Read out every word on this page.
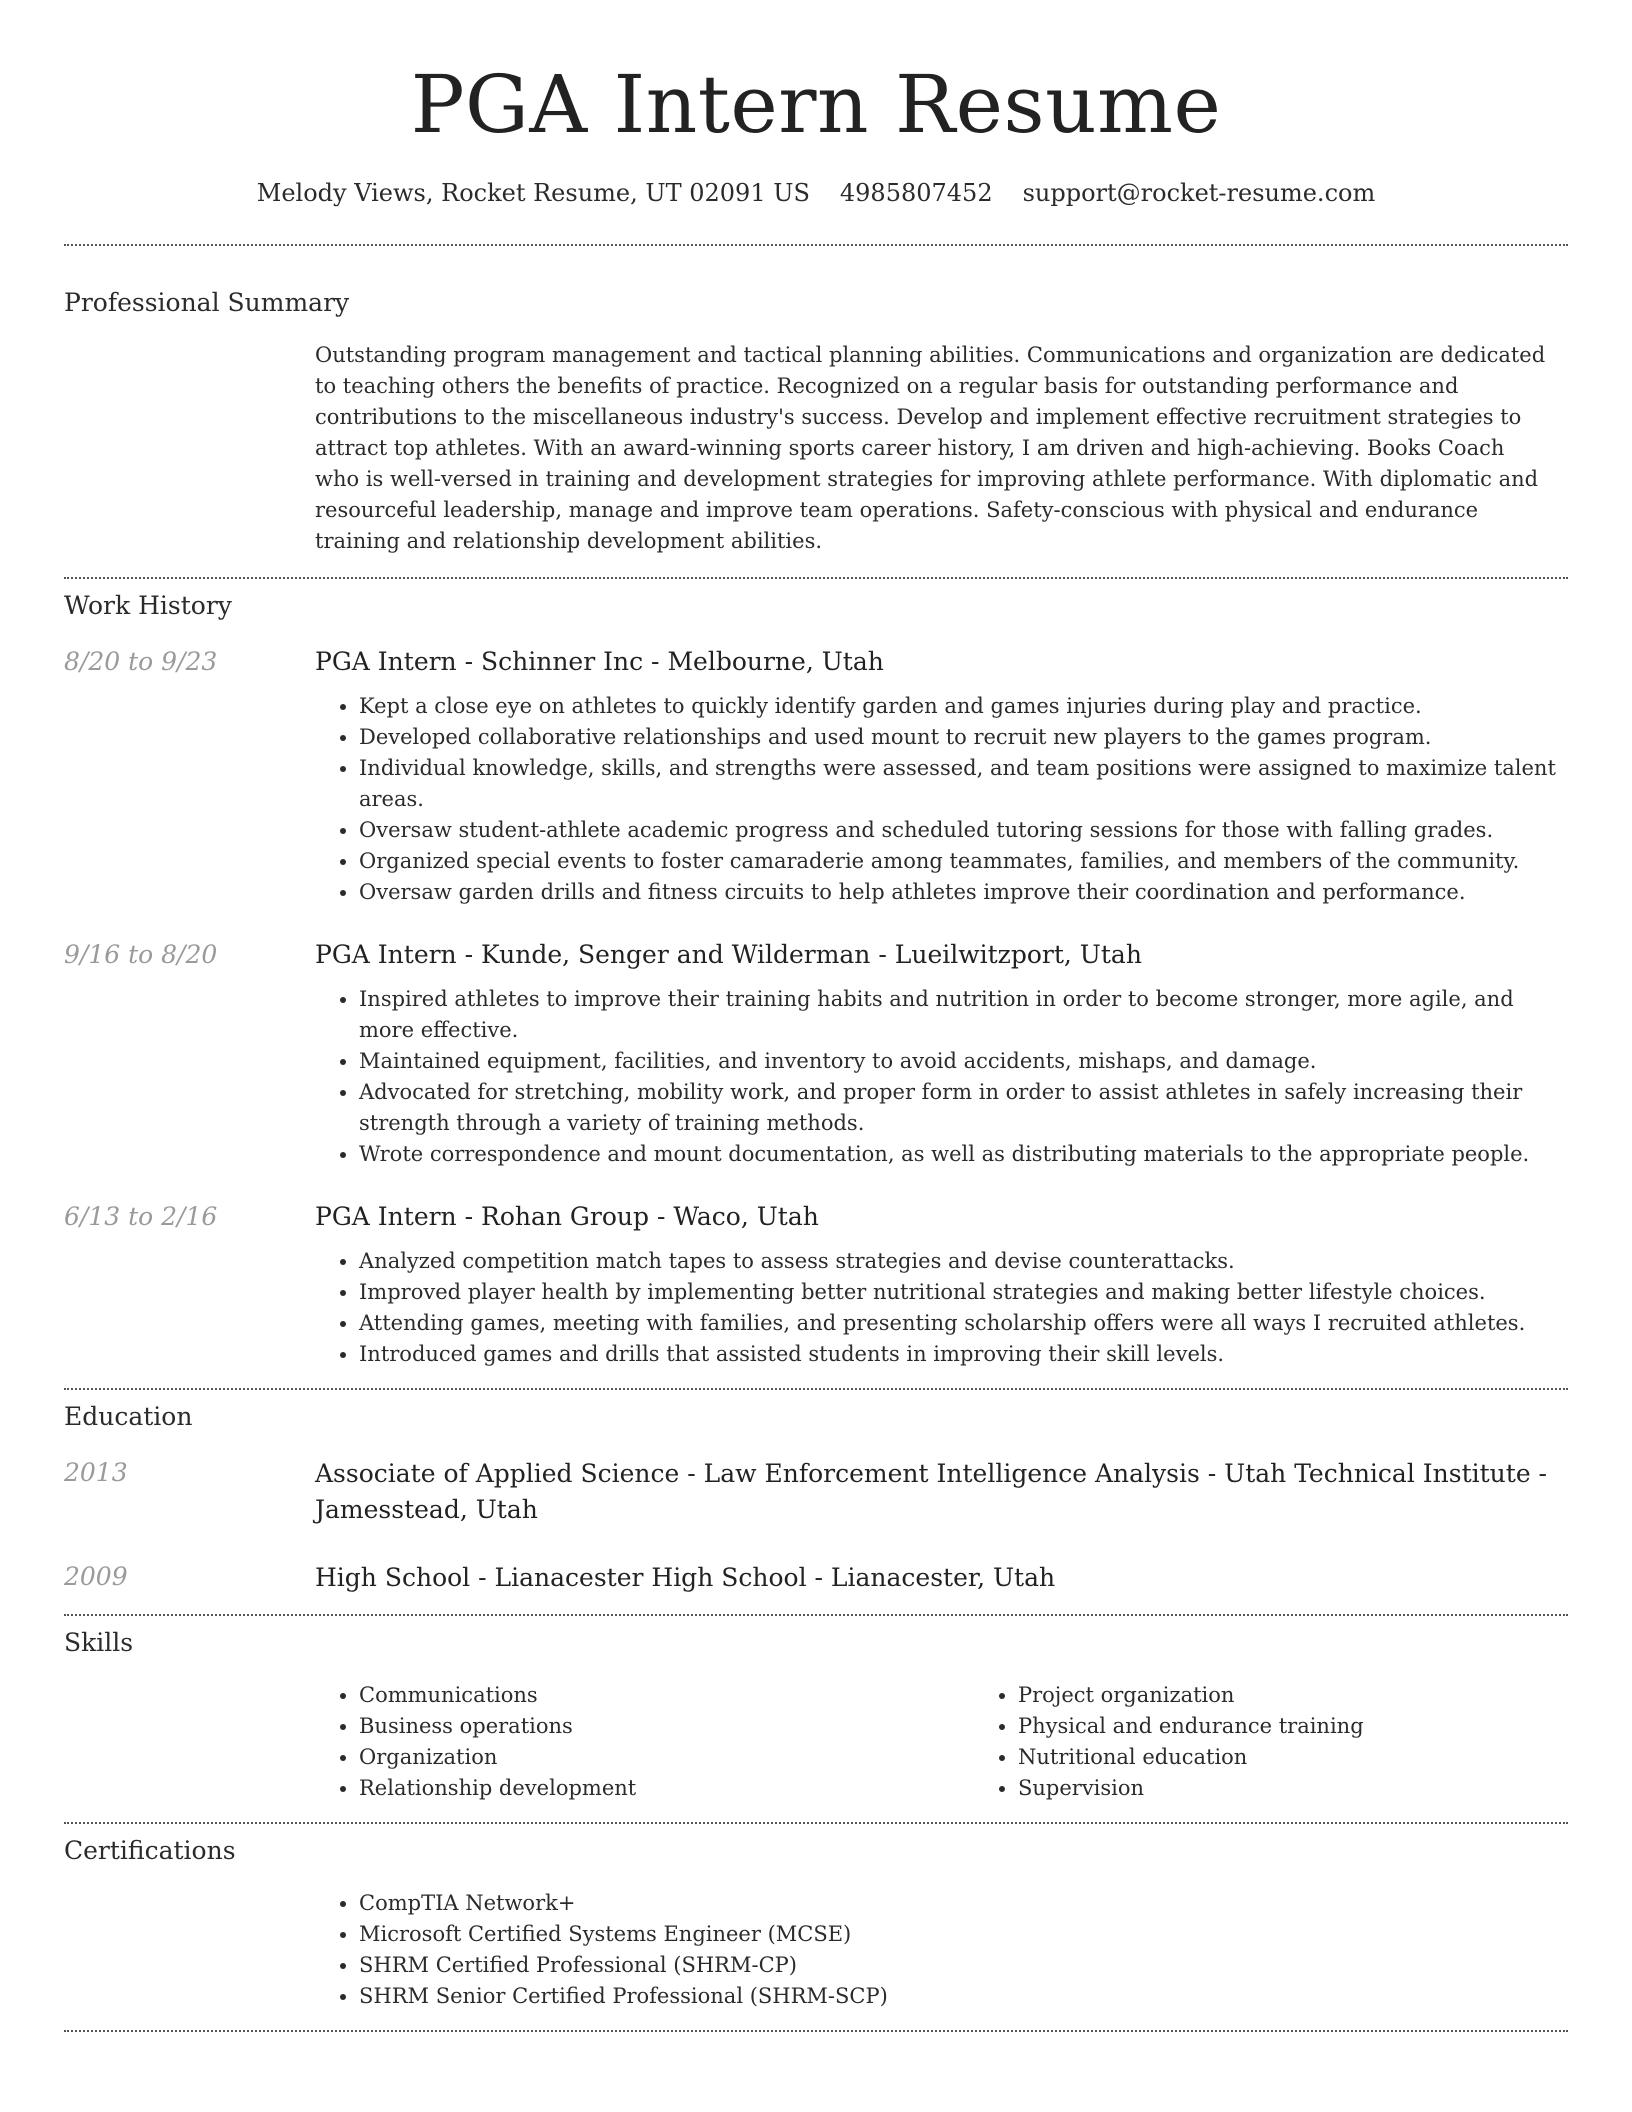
PGA Intern Resume
Melody Views, Rocket Resume, UT 02091 US 4985807452 support@rocket-resume.com
Professional Summary

Outstanding program management and tactical planning abilities. Communications and organization are dedicated to teaching others the benefits of practice. Recognized on a regular basis for outstanding performance and contributions to the miscellaneous industry's success. Develop and implement effective recruitment strategies to attract top athletes. With an award-winning sports career history, I am driven and high-achieving. Books Coach who is well-versed in training and development strategies for improving athlete performance. With diplomatic and resourceful leadership, manage and improve team operations. Safety-conscious with physical and endurance training and relationship development abilities.

Work History
8/20 to 9/23	PGA Intern - Schinner Inc - Melbourne, Utah

• Kept a close eye on athletes to quickly identify garden and games injuries during play and practice.
• Developed collaborative relationships and used mount to recruit new players to the games program.
• Individual knowledge, skills, and strengths were assessed, and team positions were assigned to maximize talent areas.
• Oversaw student-athlete academic progress and scheduled tutoring sessions for those with falling grades.
• Organized special events to foster camaraderie among teammates, families, and members of the community.
• Oversaw garden drills and fitness circuits to help athletes improve their coordination and performance.
9/16 to 8/20	PGA Intern - Kunde, Senger and Wilderman - Lueilwitzport, Utah

• Inspired athletes to improve their training habits and nutrition in order to become stronger, more agile, and more effective.
• Maintained equipment, facilities, and inventory to avoid accidents, mishaps, and damage.
• Advocated for stretching, mobility work, and proper form in order to assist athletes in safely increasing their strength through a variety of training methods.
• Wrote correspondence and mount documentation, as well as distributing materials to the appropriate people.
6/13 to 2/16	PGA Intern - Rohan Group - Waco, Utah

• Analyzed competition match tapes to assess strategies and devise counterattacks.
• Improved player health by implementing better nutritional strategies and making better lifestyle choices.
• Attending games, meeting with families, and presenting scholarship offers were all ways I recruited athletes.
• Introduced games and drills that assisted students in improving their skill levels.
Education
2013	Associate of Applied Science - Law Enforcement Intelligence Analysis - Utah Technical Institute - Jamesstead, Utah

2009	High School - Lianacester High School - Lianacester, Utah

Skills
• Communications
• Business operations
• Organization
• Relationship development
• Project organization
• Physical and endurance training
• Nutritional education
• Supervision
Certifications
• CompTIA Network+
• Microsoft Certified Systems Engineer (MCSE)
• SHRM Certified Professional (SHRM-CP)
• SHRM Senior Certified Professional (SHRM-SCP)
